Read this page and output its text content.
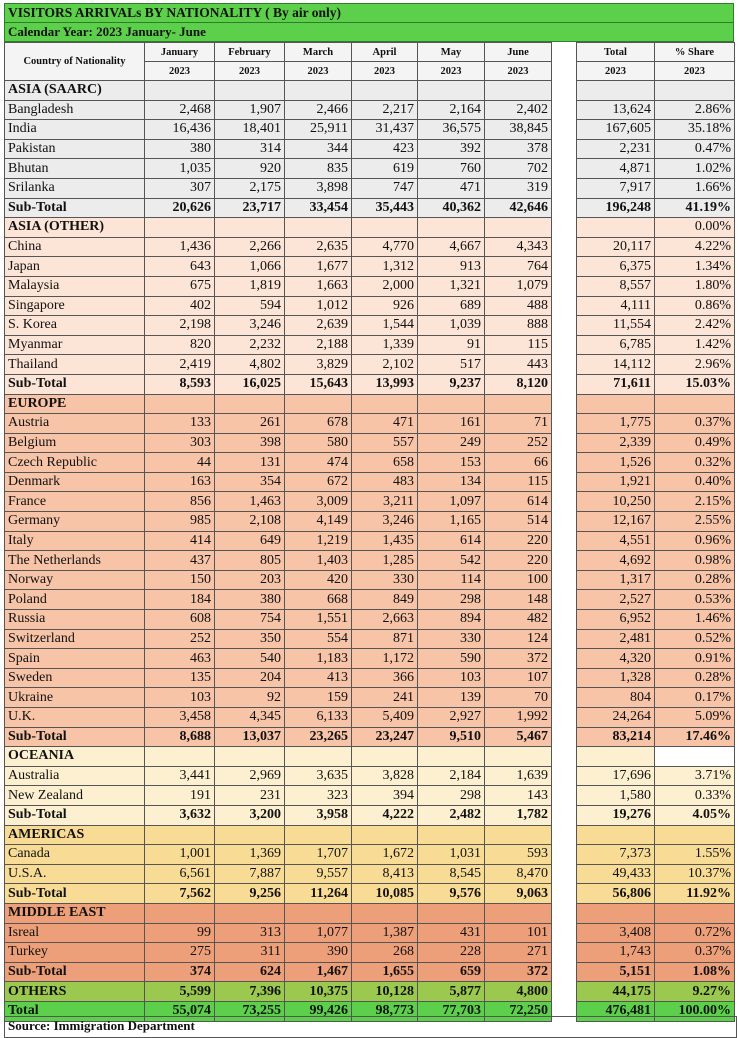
VISITORS ARRIVALs BY NATIONALITY ( By air only)
Calendar Year: 2023 January- June
Country of Nationality	January	February	March	April	May	June		Total	% Share
	2023	2023	2023	2023	2023	2023		2023	2023
ASIA (SAARC)									
Bangladesh	2,468	1,907	2,466	2,217	2,164	2,402		13,624	2.86%
India	16,436	18,401	25,911	31,437	36,575	38,845		167,605	35.18%
Pakistan	380	314	344	423	392	378		2,231	0.47%
Bhutan	1,035	920	835	619	760	702		4,871	1.02%
Srilanka	307	2,175	3,898	747	471	319		7,917	1.66%
Sub-Total	20,626	23,717	33,454	35,443	40,362	42,646		196,248	41.19%
ASIA (OTHER)									0.00%
China	1,436	2,266	2,635	4,770	4,667	4,343		20,117	4.22%
Japan	643	1,066	1,677	1,312	913	764		6,375	1.34%
Malaysia	675	1,819	1,663	2,000	1,321	1,079		8,557	1.80%
Singapore	402	594	1,012	926	689	488		4,111	0.86%
S. Korea	2,198	3,246	2,639	1,544	1,039	888		11,554	2.42%
Myanmar	820	2,232	2,188	1,339	91	115		6,785	1.42%
Thailand	2,419	4,802	3,829	2,102	517	443		14,112	2.96%
Sub-Total	8,593	16,025	15,643	13,993	9,237	8,120		71,611	15.03%
EUROPE									
Austria	133	261	678	471	161	71		1,775	0.37%
Belgium	303	398	580	557	249	252		2,339	0.49%
Czech Republic	44	131	474	658	153	66		1,526	0.32%
Denmark	163	354	672	483	134	115		1,921	0.40%
France	856	1,463	3,009	3,211	1,097	614		10,250	2.15%
Germany	985	2,108	4,149	3,246	1,165	514		12,167	2.55%
Italy	414	649	1,219	1,435	614	220		4,551	0.96%
The Netherlands	437	805	1,403	1,285	542	220		4,692	0.98%
Norway	150	203	420	330	114	100		1,317	0.28%
Poland	184	380	668	849	298	148		2,527	0.53%
Russia	608	754	1,551	2,663	894	482		6,952	1.46%
Switzerland	252	350	554	871	330	124		2,481	0.52%
Spain	463	540	1,183	1,172	590	372		4,320	0.91%
Sweden	135	204	413	366	103	107		1,328	0.28%
Ukraine	103	92	159	241	139	70		804	0.17%
U.K.	3,458	4,345	6,133	5,409	2,927	1,992		24,264	5.09%
Sub-Total	8,688	13,037	23,265	23,247	9,510	5,467		83,214	17.46%
OCEANIA									
Australia	3,441	2,969	3,635	3,828	2,184	1,639		17,696	3.71%
New Zealand	191	231	323	394	298	143		1,580	0.33%
Sub-Total	3,632	3,200	3,958	4,222	2,482	1,782		19,276	4.05%
AMERICAS									
Canada	1,001	1,369	1,707	1,672	1,031	593		7,373	1.55%
U.S.A.	6,561	7,887	9,557	8,413	8,545	8,470		49,433	10.37%
Sub-Total	7,562	9,256	11,264	10,085	9,576	9,063		56,806	11.92%
MIDDLE EAST									
Isreal	99	313	1,077	1,387	431	101		3,408	0.72%
Turkey	275	311	390	268	228	271		1,743	0.37%
Sub-Total	374	624	1,467	1,655	659	372		5,151	1.08%
OTHERS	5,599	7,396	10,375	10,128	5,877	4,800		44,175	9.27%
Total	55,074	73,255	99,426	98,773	77,703	72,250		476,481	100.00%
Source: Immigration Department
